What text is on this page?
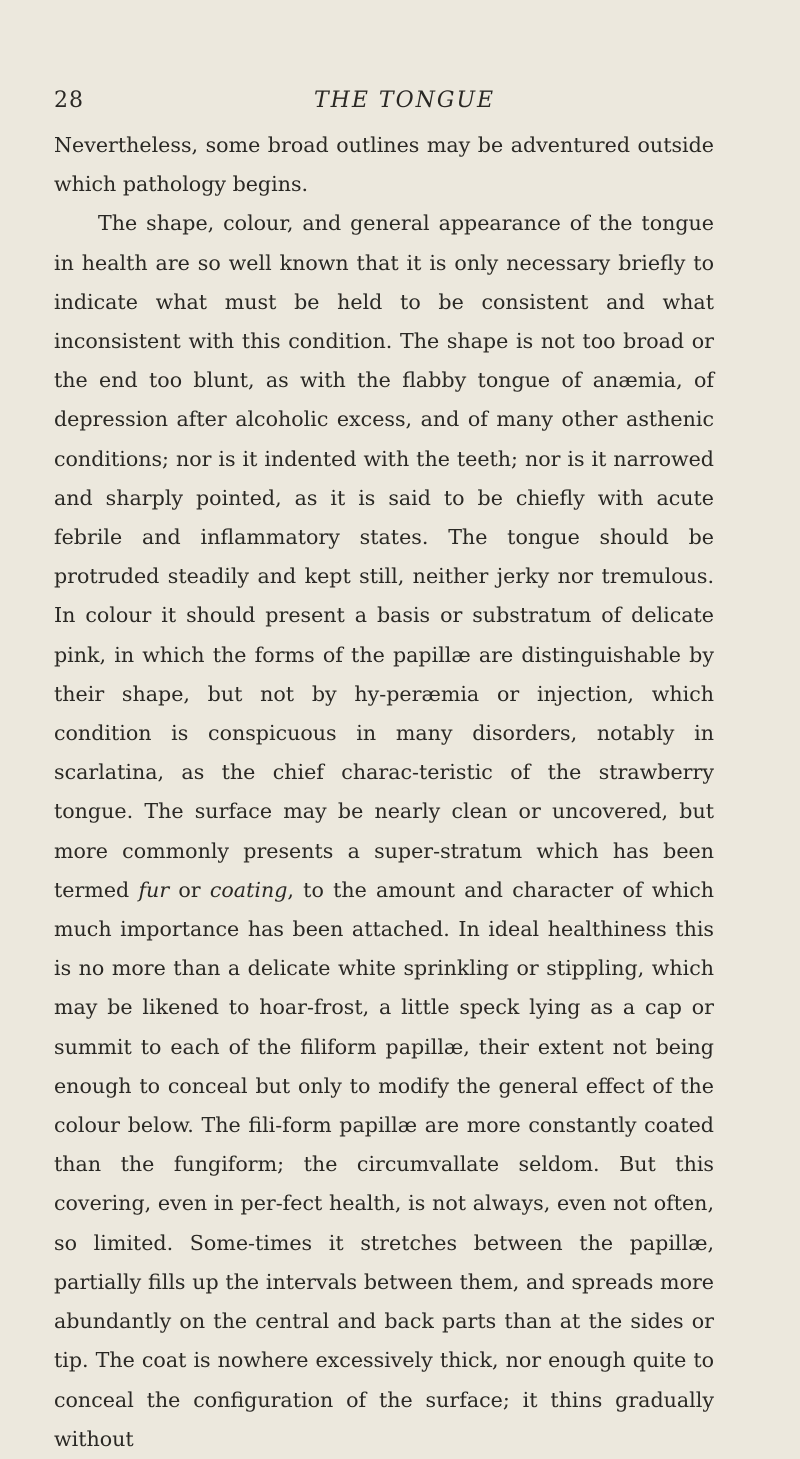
28	THE TONGUE

Nevertheless, some broad outlines may be adventured outside which pathology begins.

The shape, colour, and general appearance of the tongue in health are so well known that it is only necessary briefly to indicate what must be held to be consistent and what inconsistent with this condition. The shape is not too broad or the end too blunt, as with the flabby tongue of anæmia, of depression after alcoholic excess, and of many other asthenic conditions; nor is it indented with the teeth; nor is it narrowed and sharply pointed, as it is said to be chiefly with acute febrile and inflammatory states. The tongue should be protruded steadily and kept still, neither jerky nor tremulous. In colour it should present a basis or substratum of delicate pink, in which the forms of the papillæ are distinguishable by their shape, but not by hy-peræmia or injection, which condition is conspicuous in many disorders, notably in scarlatina, as the chief charac-teristic of the strawberry tongue. The surface may be nearly clean or uncovered, but more commonly presents a super-stratum which has been termed fur or coating, to the amount and character of which much importance has been attached. In ideal healthiness this is no more than a delicate white sprinkling or stippling, which may be likened to hoar-frost, a little speck lying as a cap or summit to each of the filiform papillæ, their extent not being enough to conceal but only to modify the general effect of the colour below. The fili-form papillæ are more constantly coated than the fungiform; the circumvallate seldom. But this covering, even in per-fect health, is not always, even not often, so limited. Some-times it stretches between the papillæ, partially fills up the intervals between them, and spreads more abundantly on the central and back parts than at the sides or tip. The coat is nowhere excessively thick, nor enough quite to conceal the configuration of the surface; it thins gradually without
